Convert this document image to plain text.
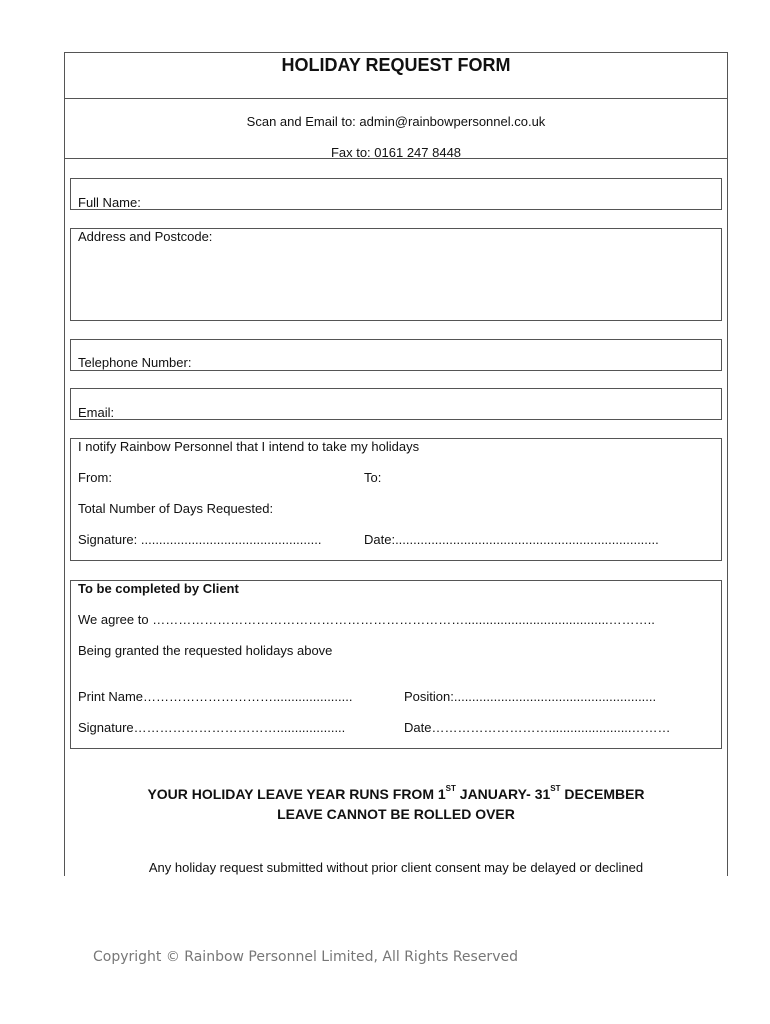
HOLIDAY REQUEST FORM
Scan and Email to: admin@rainbowpersonnel.co.uk
Fax to: 0161 247 8448
Full Name:
Address and Postcode:
Telephone Number:
Email:
I notify Rainbow Personnel that I intend to take my holidays
From:	To:
Total Number of Days Requested:
Signature: ..................................................	Date:.........................................................................
To be completed by Client
We agree to ………………………………………………………………........................................………..
Being granted the requested holidays above
Print Name…………………………......................	Position:........................................................
Signature……………………………...................	Date……………………….......................………
YOUR HOLIDAY LEAVE YEAR RUNS FROM 1ST JANUARY- 31ST DECEMBER
LEAVE CANNOT BE ROLLED OVER
Any holiday request submitted without prior client consent may be delayed or declined
Copyright © Rainbow Personnel Limited, All Rights Reserved
